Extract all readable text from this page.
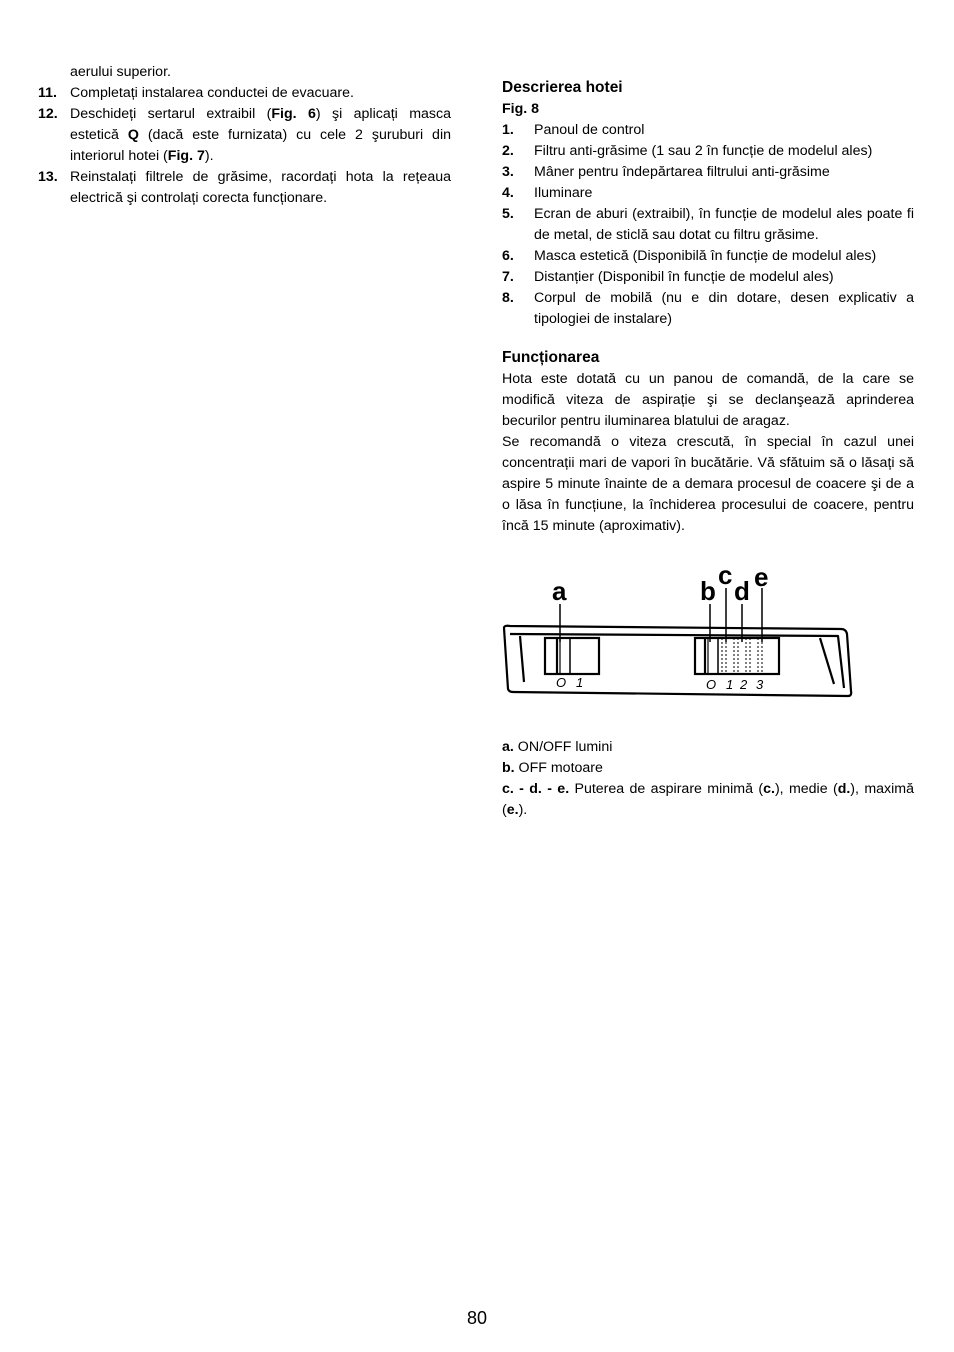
aerului superior.
11. Completați instalarea conductei de evacuare.
12. Deschideți sertarul extraibil (Fig. 6) şi aplicați masca estetică Q (dacă este furnizata) cu cele 2 şuruburi din interiorul hotei (Fig. 7).
13. Reinstalați filtrele de grăsime, racordați hota la rețeaua electrică şi controlați corecta funcționare.
Descrierea hotei
Fig. 8
1. Panoul de control
2. Filtru anti-grăsime (1 sau 2 în funcție de modelul ales)
3. Mâner pentru îndepărtarea filtrului anti-grăsime
4. Iluminare
5. Ecran de aburi (extraibil), în funcție de modelul ales poate fi de metal, de sticlă sau dotat cu filtru grăsime.
6. Masca estetică (Disponibilă în funcție de modelul ales)
7. Distanțier (Disponibil în funcție de modelul ales)
8. Corpul de mobilă (nu e din dotare, desen explicativ a tipologiei de instalare)
Funcționarea
Hota este dotată cu un panou de comandă, de la care se modifică viteza de aspirație şi se declanşează aprinderea becurilor pentru iluminarea blatului de aragaz.
Se recomandă o viteza crescută, în special în cazul unei concentrații mari de vapori în bucătărie. Vă sfătuim să o lăsați să aspire 5 minute înainte de a demara procesul de coacere şi de a o lăsa în funcțiune, la închiderea procesului de coacere, pentru încă 15 minute (aproximativ).
a	b
c
d e
O 1	O 1 2 3
a. ON/OFF lumini
b. OFF motoare
c. - d. - e. Puterea de aspirare minimă (c.), medie (d.), maximă (e.).
80
